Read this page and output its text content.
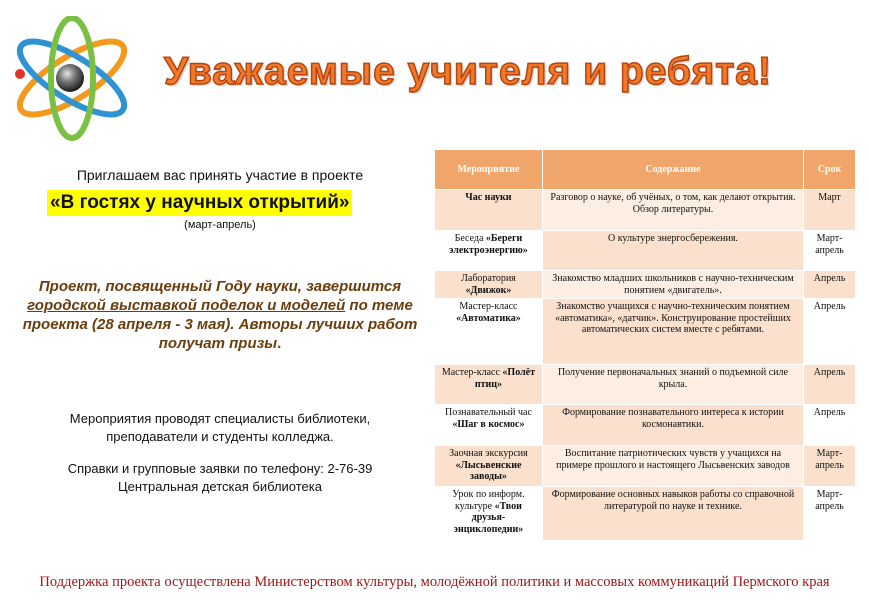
Уважаемые учителя и ребята!
Приглашаем вас принять участие в проекте
«В гостях у научных открытий»
(март-апрель)
Проект, посвященный Году науки, завершится городской выставкой поделок и моделей по теме проекта (28 апреля - 3 мая). Авторы лучших работ получат призы.
Мероприятия проводят специалисты библиотеки,
преподаватели и студенты колледжа.
Справки и групповые заявки по телефону: 2-76-39
Центральная детская библиотека
Мероприятие	Содержание	Срок
Час науки	Разговор о науке, об учёных, о том, как делают открытия. Обзор литературы.	Март
Беседа «Береги электроэнергию»	О культуре энергосбережения.	Март-апрель
Лаборатория «Движок»	Знакомство младших школьников с научно-техническим понятием «двигатель».	Апрель
Мастер-класс «Автоматика»	Знакомство учащихся с научно-техническим понятием «автоматика», «датчик». Конструирование простейших автоматических систем вместе с ребятами.	Апрель
Мастер-класс «Полёт птиц»	Получение первоначальных знаний о подъемной силе крыла.	Апрель
Познавательный час «Шаг в космос»	Формирование познавательного интереса к истории космонавтики.	Апрель
Заочная экскурсия «Лысьвенские заводы»	Воспитание патриотических чувств у учащихся на примере прошлого и настоящего Лысьвенских заводов	Март-апрель
Урок по информ. культуре «Твои друзья-энциклопедии»	Формирование основных навыков работы со справочной литературой по науке и технике.	Март-апрель
Поддержка проекта осуществлена Министерством культуры, молодёжной политики и массовых коммуникаций Пермского края
